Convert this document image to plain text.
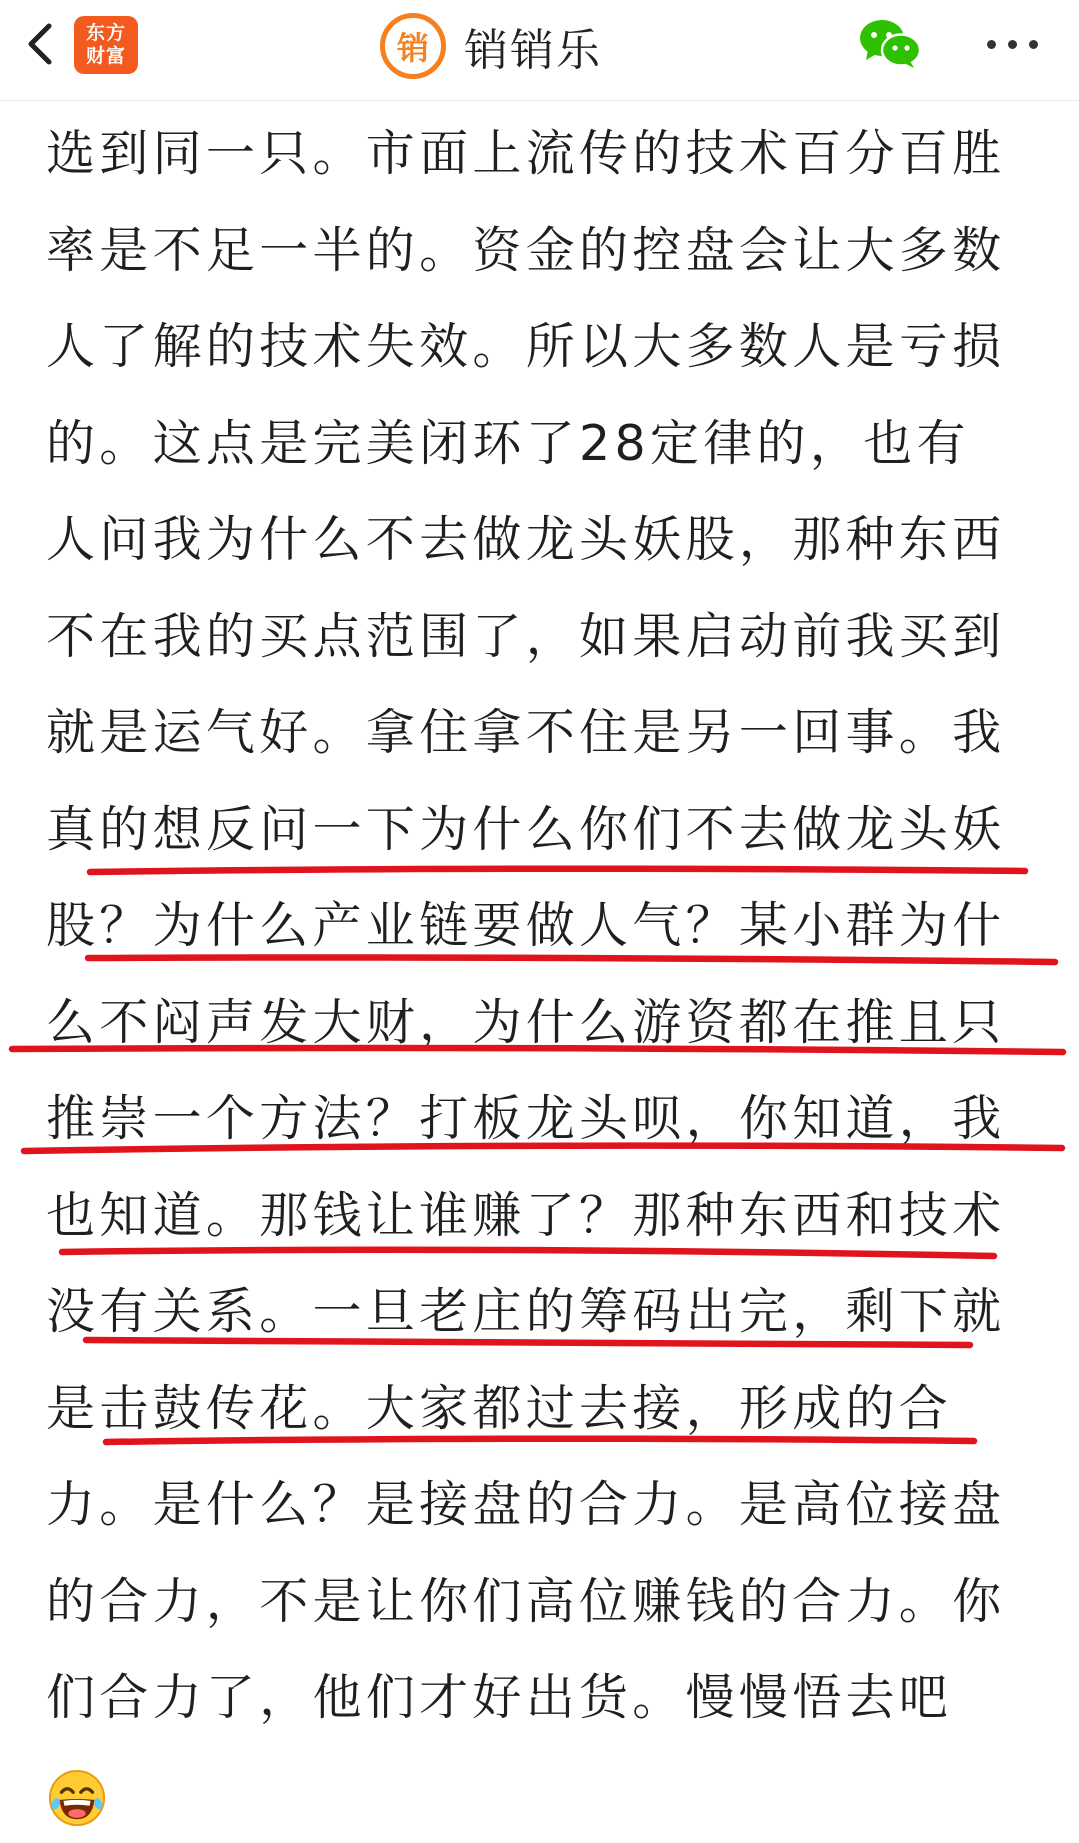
东方
财富	销 销销乐
选到同一只。市面上流传的技术百分百胜
率是不足一半的。资金的控盘会让大多数
人了解的技术失效。所以大多数人是亏损
的。这点是完美闭环了28定律的，也有
人问我为什么不去做龙头妖股，那种东西
不在我的买点范围了，如果启动前我买到
就是运气好。拿住拿不住是另一回事。我
真的想反问一下为什么你们不去做龙头妖
股？为什么产业链要做人气？某小群为什
么不闷声发大财，为什么游资都在推且只
推崇一个方法？打板龙头呗，你知道，我
也知道。那钱让谁赚了？那种东西和技术
没有关系。一旦老庄的筹码出完，剩下就
是击鼓传花。大家都过去接，形成的合
力。是什么？是接盘的合力。是高位接盘
的合力，不是让你们高位赚钱的合力。你
们合力了，他们才好出货。慢慢悟去吧
